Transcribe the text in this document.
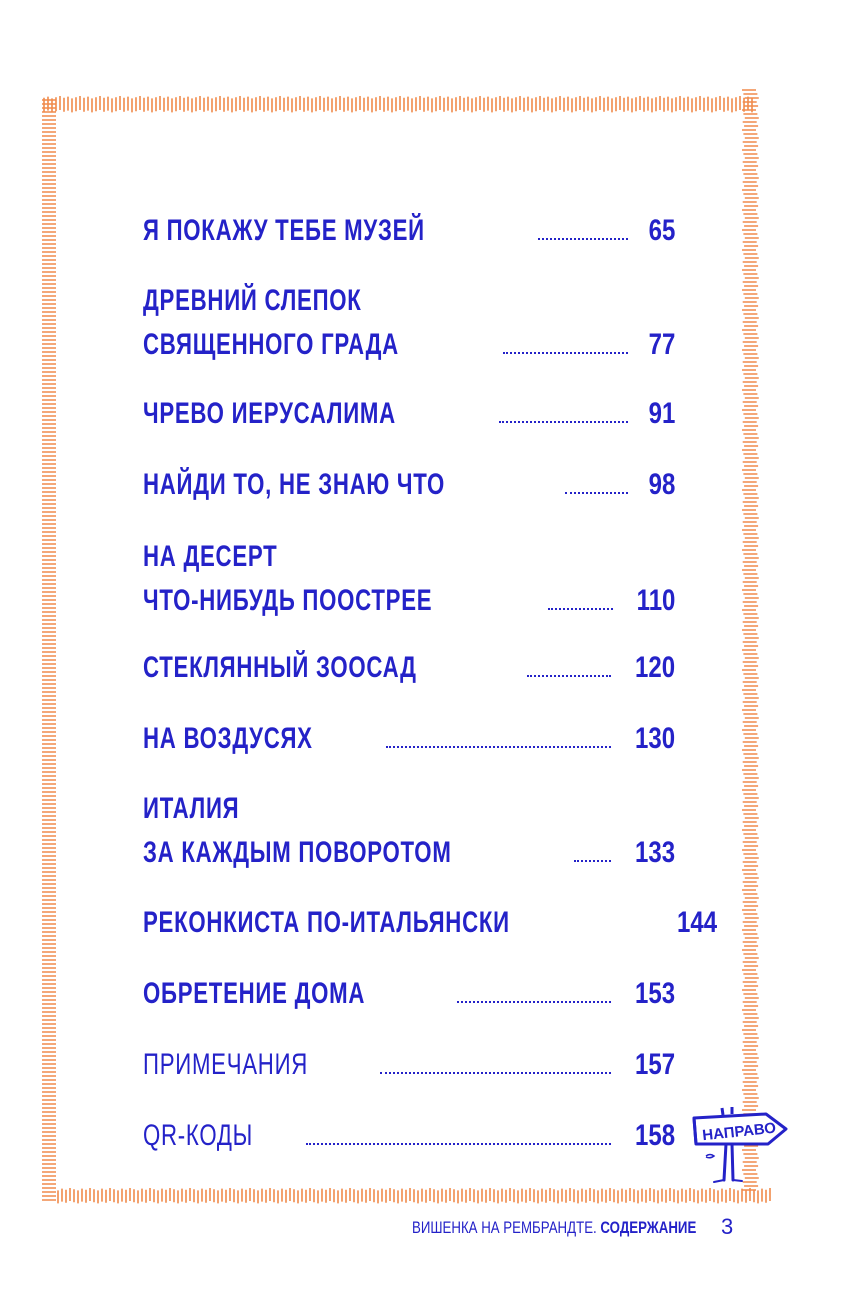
Я ПОКАЖУ ТЕБЕ МУЗЕЙ	65
ДРЕВНИЙ СЛЕПОК
СВЯЩЕННОГО ГРАДА	77
ЧРЕВО ИЕРУСАЛИМА	91
НАЙДИ ТО, НЕ ЗНАЮ ЧТО	98
НА ДЕСЕРТ
ЧТО-НИБУДЬ ПООСТРЕЕ	110
СТЕКЛЯННЫЙ ЗООСАД	120
НА ВОЗДУСЯХ	130
ИТАЛИЯ
ЗА КАЖДЫМ ПОВОРОТОМ	133
РЕКОНКИСТА ПО-ИТАЛЬЯНСКИ	144
ОБРЕТЕНИЕ ДОМА	153
ПРИМЕЧАНИЯ	157
QR-КОДЫ	158 НАПРАВО
ВИШЕНКА НА РЕМБРАНДТЕ. СОДЕРЖАНИЕ 3
